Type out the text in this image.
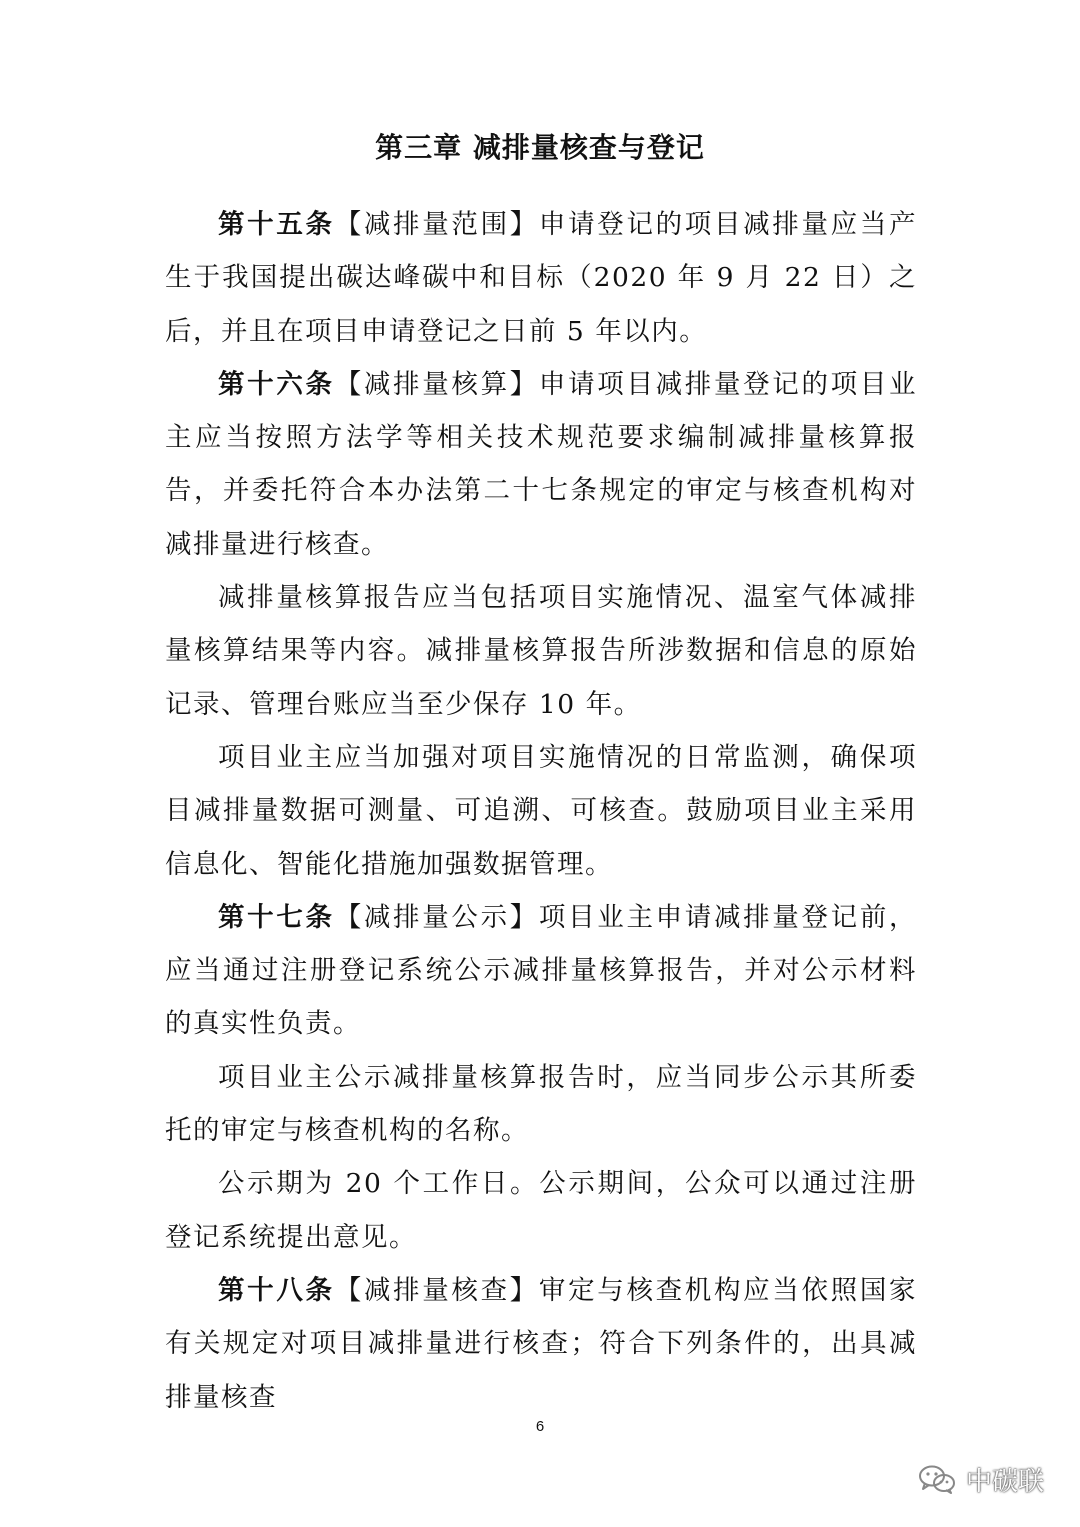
第三章 减排量核查与登记

第十五条【减排量范围】申请登记的项目减排量应当产生于我国提出碳达峰碳中和目标（2020 年 9 月 22 日）之后，并且在项目申请登记之日前 5 年以内。

第十六条【减排量核算】申请项目减排量登记的项目业主应当按照方法学等相关技术规范要求编制减排量核算报告，并委托符合本办法第二十七条规定的审定与核查机构对减排量进行核查。

减排量核算报告应当包括项目实施情况、温室气体减排量核算结果等内容。减排量核算报告所涉数据和信息的原始记录、管理台账应当至少保存 10 年。

项目业主应当加强对项目实施情况的日常监测，确保项目减排量数据可测量、可追溯、可核查。鼓励项目业主采用信息化、智能化措施加强数据管理。

第十七条【减排量公示】项目业主申请减排量登记前，应当通过注册登记系统公示减排量核算报告，并对公示材料的真实性负责。

项目业主公示减排量核算报告时，应当同步公示其所委托的审定与核查机构的名称。

公示期为 20 个工作日。公示期间，公众可以通过注册登记系统提出意见。

第十八条【减排量核查】审定与核查机构应当依照国家有关规定对项目减排量进行核查；符合下列条件的，出具减排量核查

6
中碳联
